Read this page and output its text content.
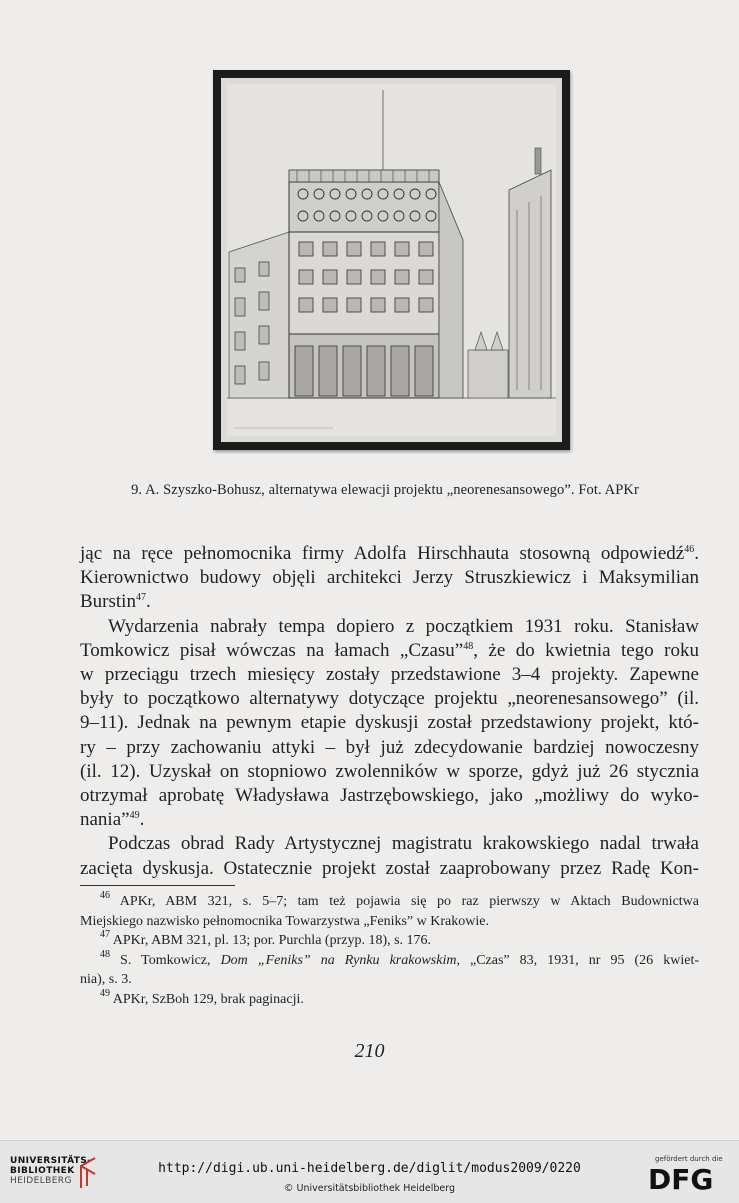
9. A. Szyszko-Bohusz, alternatywa elewacji projektu „neorenesansowego”. Fot. APKr

jąc na ręce pełnomocnika firmy Adolfa Hirschhauta stosowną odpowiedź$^{46}$.
Kierownictwo budowy objęli architekci Jerzy Struszkiewicz i Maksymilian
Burstin$^{47}$.

Wydarzenia nabrały tempa dopiero z początkiem 1931 roku. Stanisław
Tomkowicz pisał wówczas na łamach „Czasu”$^{48}$, że do kwietnia tego roku
w przeciągu trzech miesięcy zostały przedstawione 3–4 projekty. Zapewne
były to początkowo alternatywy dotyczące projektu „neorenesansowego” (il.
9–11). Jednak na pewnym etapie dyskusji został przedstawiony projekt, któ-
ry – przy zachowaniu attyki – był już zdecydowanie bardziej nowoczesny
(il. 12). Uzyskał on stopniowo zwolenników w sporze, gdyż już 26 stycznia
otrzymał aprobatę Władysława Jastrzębowskiego, jako „możliwy do wyko-
nania”$^{49}$.

Podczas obrad Rady Artystycznej magistratu krakowskiego nadal trwała
zacięta dyskusja. Ostatecznie projekt został zaaprobowany przez Radę Kon-

$^{46}$ APKr, ABM 321, s. 5–7; tam też pojawia się po raz pierwszy w Aktach Budownictwa
Miejskiego nazwisko pełnomocnika Towarzystwa „Feniks” w Krakowie.
$^{47}$ APKr, ABM 321, pl. 13; por. Purchla (przyp. 18), s. 176.
$^{48}$ S. Tomkowicz, Dom „Feniks” na Rynku krakowskim, „Czas” 83, 1931, nr 95 (26 kwiet-
nia), s. 3.
$^{49}$ APKr, SzBoh 129, brak paginacji.
210
UNIVERSITÄTS-
BIBLIOTHEK
HEIDELBERG
http://digi.ub.uni-heidelberg.de/diglit/modus2009/0220
© Universitätsbibliothek Heidelberg
gefördert durch die
DFG
